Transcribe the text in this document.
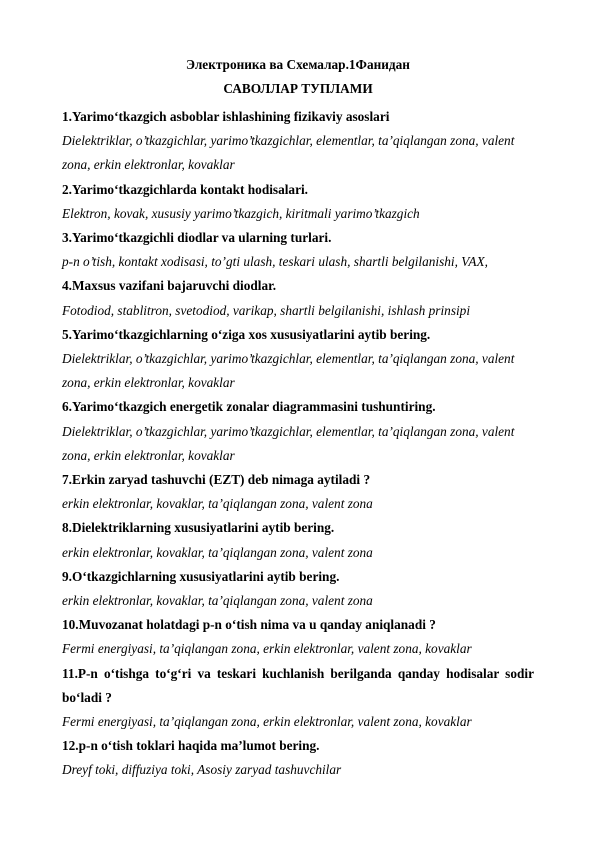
Электроника ва Схемалар.1Фанидан
САВОЛЛАР ТУПЛАМИ

1.Yarimo‘tkazgich asboblar ishlashining fizikaviy asoslari

Dielektriklar, o’tkazgichlar, yarimo’tkazgichlar, elementlar, ta’qiqlangan zona, valent zona, erkin elektronlar, kovaklar

2.Yarimo‘tkazgichlarda kontakt hodisalari.

Elektron, kovak, xususiy yarimo’tkazgich, kiritmali yarimo’tkazgich

3.Yarimo‘tkazgichli diodlar va ularning turlari.

p-n o’tish, kontakt xodisasi, to’gti ulash, teskari ulash, shartli belgilanishi, VAX,

4.Maxsus vazifani bajaruvchi diodlar.

Fotodiod, stablitron, svetodiod, varikap, shartli belgilanishi, ishlash prinsipi

5.Yarimo‘tkazgichlarning o‘ziga xos xususiyatlarini aytib bering.

Dielektriklar, o’tkazgichlar, yarimo’tkazgichlar, elementlar, ta’qiqlangan zona, valent zona, erkin elektronlar, kovaklar

6.Yarimo‘tkazgich energetik zonalar diagrammasini tushuntiring.

Dielektriklar, o’tkazgichlar, yarimo’tkazgichlar, elementlar, ta’qiqlangan zona, valent zona, erkin elektronlar, kovaklar

7.Erkin zaryad tashuvchi (EZT) deb nimaga aytiladi ?

erkin elektronlar, kovaklar, ta’qiqlangan zona, valent zona

8.Dielektriklarning xususiyatlarini aytib bering.

erkin elektronlar, kovaklar, ta’qiqlangan zona, valent zona

9.O‘tkazgichlarning xususiyatlarini aytib bering.

erkin elektronlar, kovaklar, ta’qiqlangan zona, valent zona

10.Muvozanat holatdagi p-n o‘tish nima va u qanday aniqlanadi ?

Fermi energiyasi, ta’qiqlangan zona, erkin elektronlar, valent zona, kovaklar

11.P-n o‘tishga to‘g‘ri va teskari kuchlanish berilganda qanday hodisalar sodir bo‘ladi ?

Fermi energiyasi, ta’qiqlangan zona, erkin elektronlar, valent zona, kovaklar

12.p-n o‘tish toklari haqida ma’lumot bering.

Dreyf toki, diffuziya toki, Asosiy zaryad tashuvchilar
